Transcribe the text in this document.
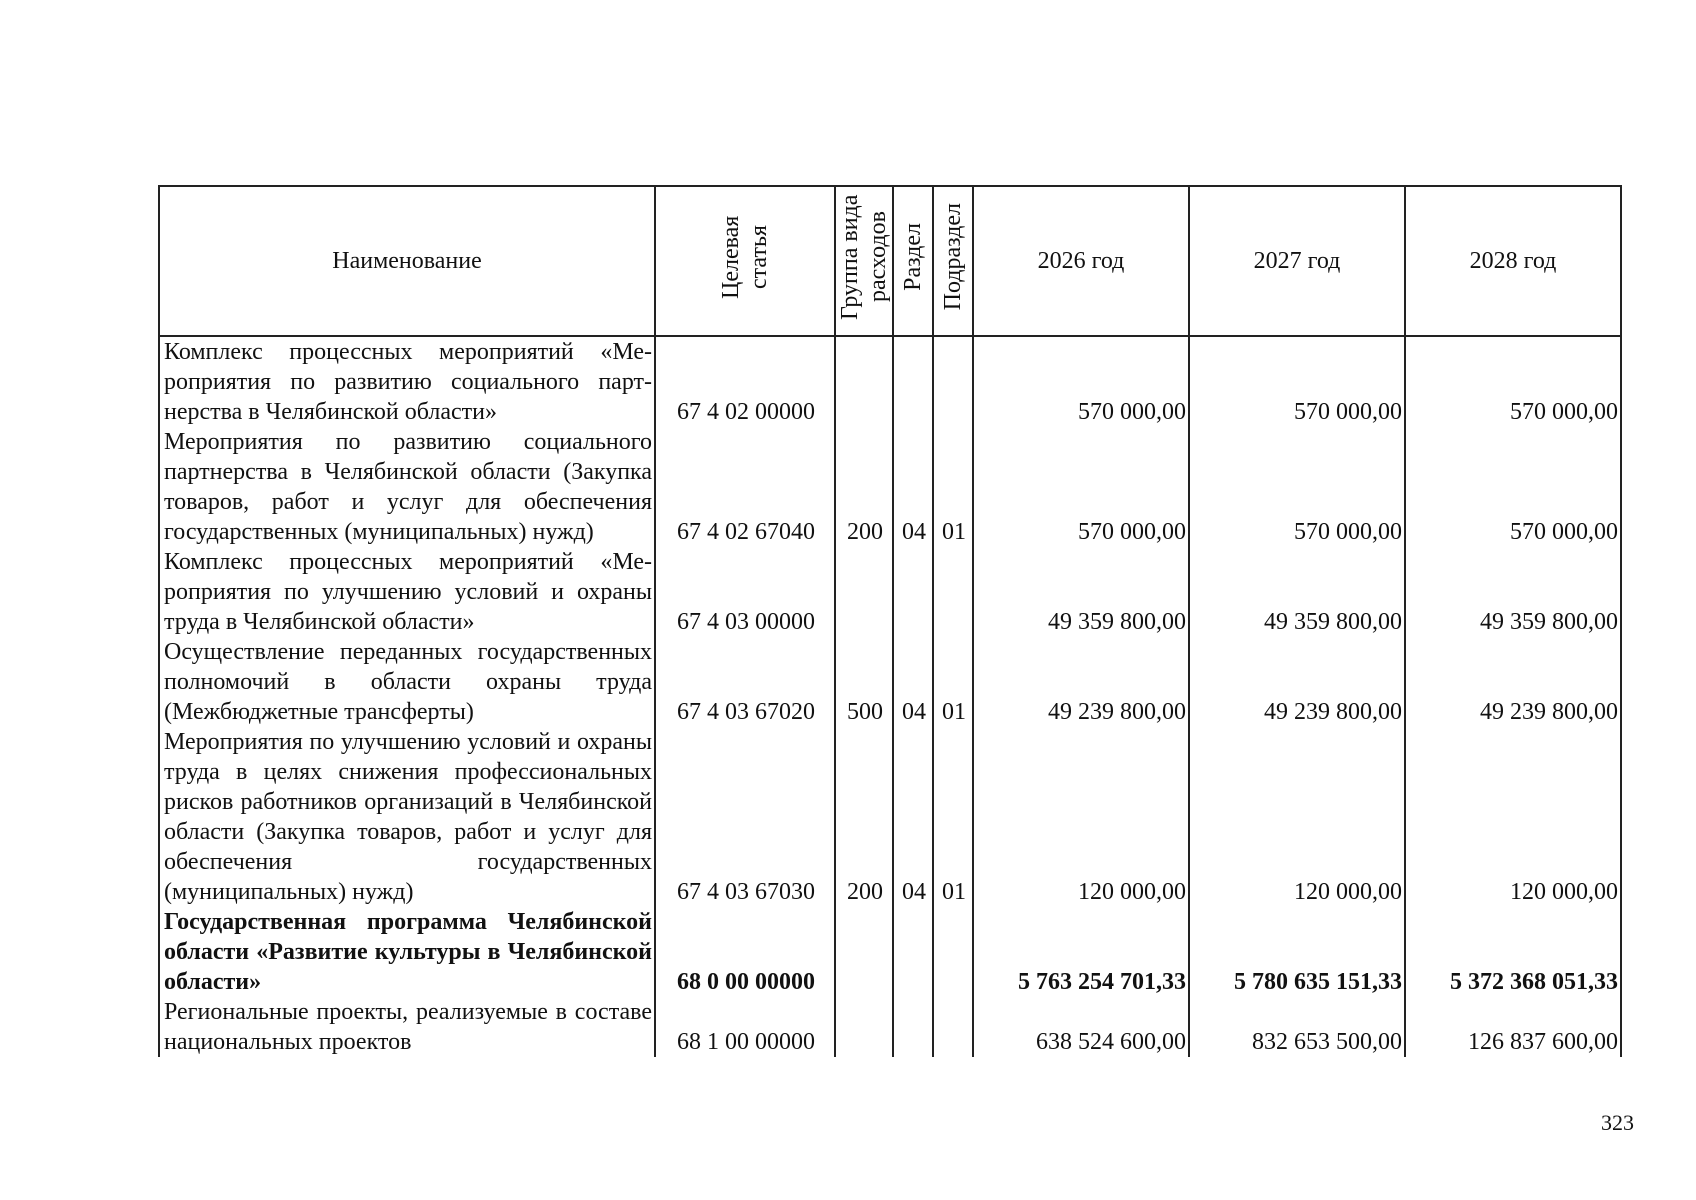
Наименование	Целевая статья	Группа вида расходов	Раздел	Подраздел	2026 год	2027 год	2028 год
Комплекс процессных мероприятий «Мероприятия по развитию социального партнерства в Челябинской области»	67 4 02 00000				570 000,00	570 000,00	570 000,00
Мероприятия по развитию социального партнерства в Челябинской области (Закупка товаров, работ и услуг для обеспечения государственных (муниципальных) нужд)	67 4 02 67040	200	04	01	570 000,00	570 000,00	570 000,00
Комплекс процессных мероприятий «Мероприятия по улучшению условий и охраны труда в Челябинской области»	67 4 03 00000				49 359 800,00	49 359 800,00	49 359 800,00
Осуществление переданных государственных полномочий в области охраны труда (Межбюджетные трансферты)	67 4 03 67020	500	04	01	49 239 800,00	49 239 800,00	49 239 800,00
Мероприятия по улучшению условий и охраны труда в целях снижения профессиональных рисков работников организаций в Челябинской области (Закупка товаров, работ и услуг для обеспечения государственных (муниципальных) нужд)	67 4 03 67030	200	04	01	120 000,00	120 000,00	120 000,00
Государственная программа Челябинской области «Развитие культуры в Челябинской области»	68 0 00 00000				5 763 254 701,33	5 780 635 151,33	5 372 368 051,33
Региональные проекты, реализуемые в составе национальных проектов	68 1 00 00000				638 524 600,00	832 653 500,00	126 837 600,00
323
